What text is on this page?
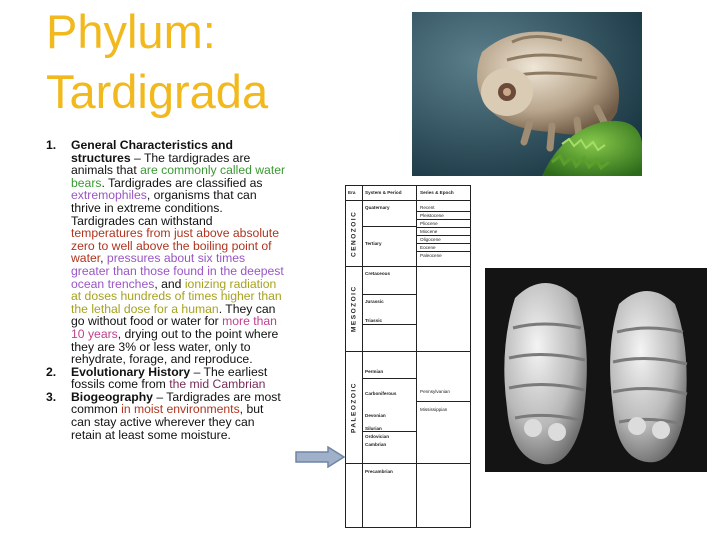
Phylum:
Tardigrada
1. General Characteristics and structures – The tardigrades are animals that are commonly called water bears. Tardigrades are classified as extremophiles, organisms that can thrive in extreme conditions. Tardigrades can withstand temperatures from just above absolute zero to well above the boiling point of water, pressures about six times greater than those found in the deepest ocean trenches, and ionizing radiation at doses hundreds of times higher than the lethal dose for a human. They can go without food or water for more than 10 years, drying out to the point where they are 3% or less water, only to rehydrate, forage, and reproduce.
2. Evolutionary History – The earliest fossils come from the mid Cambrian
3. Biogeography – Tardigrades are most common in moist environments, but can stay active wherever they can retain at least some moisture.
Era System & Period	Series & Epoch
CENOZOIC
MESOZOIC
PALEOZOIC
Quaternary
Tertiary
Cretaceous
Jurassic
Triassic
Permian
Carboniferous
Devonian
Silurian
Ordovician
Cambrian
Precambrian
Recent
Pleistocene
Pliocene
Miocene
Oligocene
Eocene
Paleocene
Pennsylvanian
Mississippian
